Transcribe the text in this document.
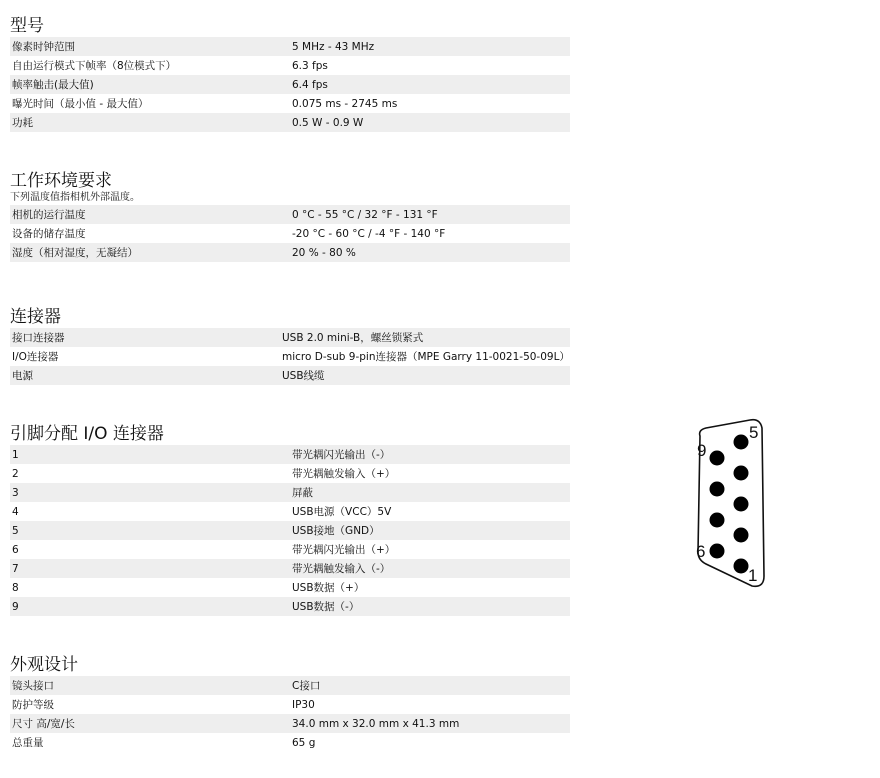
型号
像素时钟范围	5 MHz - 43 MHz
自由运行模式下帧率（8位模式下）	6.3 fps
帧率触击(最大值)	6.4 fps
曝光时间（最小值 - 最大值）	0.075 ms - 2745 ms
功耗	0.5 W - 0.9 W
工作环境要求
下列温度值指相机外部温度。
相机的运行温度	0 °C - 55 °C / 32 °F - 131 °F
设备的储存温度	-20 °C - 60 °C / -4 °F - 140 °F
湿度（相对湿度，无凝结）	20 % - 80 %
连接器
接口连接器	USB 2.0 mini-B，螺丝锁紧式
I/O连接器	micro D-sub 9-pin连接器（MPE Garry 11-0021-50-09L）
电源	USB线缆
引脚分配 I/O 连接器
1	带光耦闪光输出（-）
2	带光耦触发输入（+）
3	屏蔽
4	USB电源（VCC）5V
5	USB接地（GND）
6	带光耦闪光输出（+）
7	带光耦触发输入（-）
8	USB数据（+）
9	USB数据（-）
外观设计
镜头接口	C接口
防护等级	IP30
尺寸 高/宽/长	34.0 mm x 32.0 mm x 41.3 mm
总重量	65 g
9
5
6
1
